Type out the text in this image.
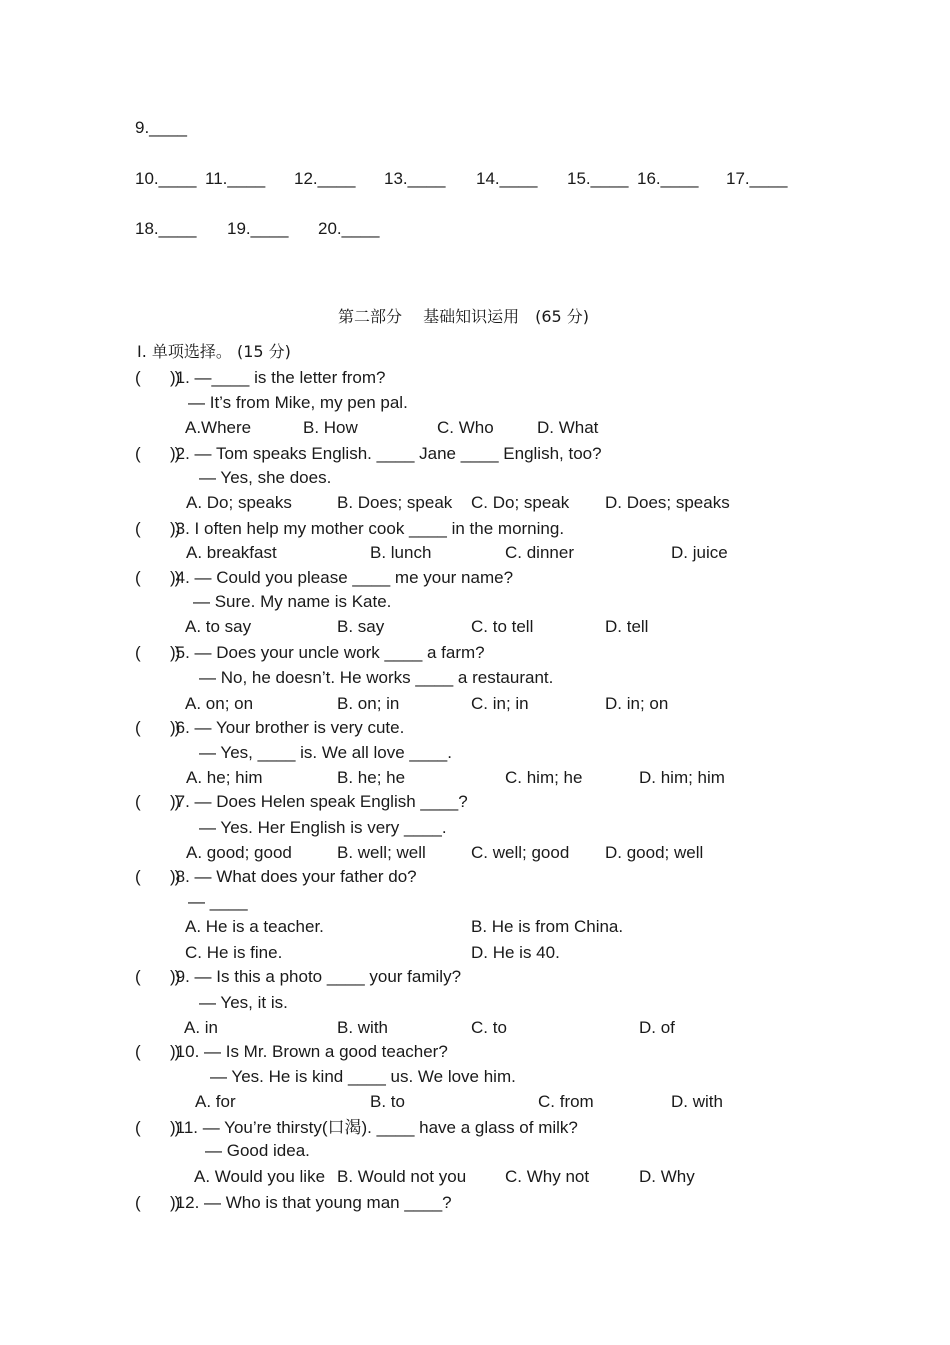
9.____
10.____ 11.____ 12.____ 13.____ 14.____ 15.____ 16.____ 17.____
18.____ 19.____ 20.____
第二部分　 基础知识运用　(65 分)
Ⅰ. 单项选择。 (15 分)
(　　)
)1. —____ is the letter from?
— It’s from Mike, my pen pal.
A.Where	B. How	C. Who	D. What
(　　)
)2. — Tom speaks English. ____ Jane ____ English, too?
— Yes, she does.
A. Do; speaks	B. Does; speak C. Do; speak D. Does; speaks
(　　)
)3. I often help my mother cook ____ in the morning.
A. breakfast	B. lunch	C. dinner	D. juice
(　　)
)4. — Could you please ____ me your name?
— Sure. My name is Kate.
A. to say	B. say	C. to tell	D. tell
(　　)
)5. — Does your uncle work ____ a farm?
— No, he doesn’t. He works ____ a restaurant.
A. on; on	B. on; in	C. in; in	D. in; on
(　　)
)6. — Your brother is very cute.
— Yes, ____ is. We all love ____.
A. he; him	B. he; he	C. him; he	D. him; him
(　　)
)7. — Does Helen speak English ____?
— Yes. Her English is very ____.
A. good; good	B. well; well	C. well; good D. good; well
(　　)
)8. — What does your father do?
— ____
A. He is a teacher.	B. He is from China.
C. He is fine.	D. He is 40.
(　　)
)9. — Is this a photo ____ your family?
— Yes, it is.
A. in	B. with	C. to	D. of
(　　)
)10. — Is Mr. Brown a good teacher?
— Yes. He is kind ____ us. We love him.
A. for	B. to	C. from	D. with
(　　)
)11. — You’re thirsty(口渴). ____ have a glass of milk?
— Good idea.
A. Would you like B. Would not you C. Why not	D. Why
(　　)
)12. — Who is that young man ____?
